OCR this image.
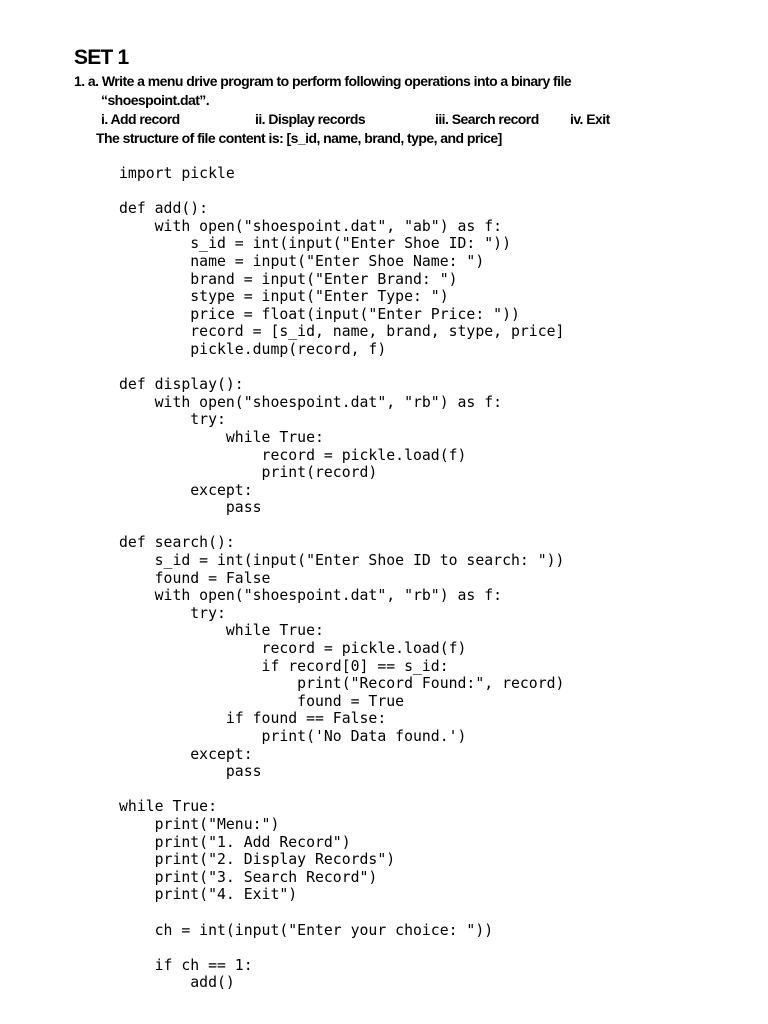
SET 1
1. a. Write a menu drive program to perform following operations into a binary file
“shoespoint.dat”.
i. Add record	ii. Display records	iii. Search record iv. Exit
The structure of file content is: [s_id, name, brand, type, and price]
import pickle
def add():
with open("shoespoint.dat", "ab") as f:
s_id = int(input("Enter Shoe ID: "))
name = input("Enter Shoe Name: ")
brand = input("Enter Brand: ")
stype = input("Enter Type: ")
price = float(input("Enter Price: "))
record = [s_id, name, brand, stype, price]
pickle.dump(record, f)
def display():
with open("shoespoint.dat", "rb") as f:
try:
while True:
record = pickle.load(f)
print(record)
except:
pass
def search():
s_id = int(input("Enter Shoe ID to search: "))
found = False
with open("shoespoint.dat", "rb") as f:
try:
while True:
record = pickle.load(f)
if record[0] == s_id:
print("Record Found:", record)
found = True
if found == False:
print('No Data found.')
except:
pass
while True:
print("Menu:")
print("1. Add Record")
print("2. Display Records")
print("3. Search Record")
print("4. Exit")
ch = int(input("Enter your choice: "))
if ch == 1:
add()
